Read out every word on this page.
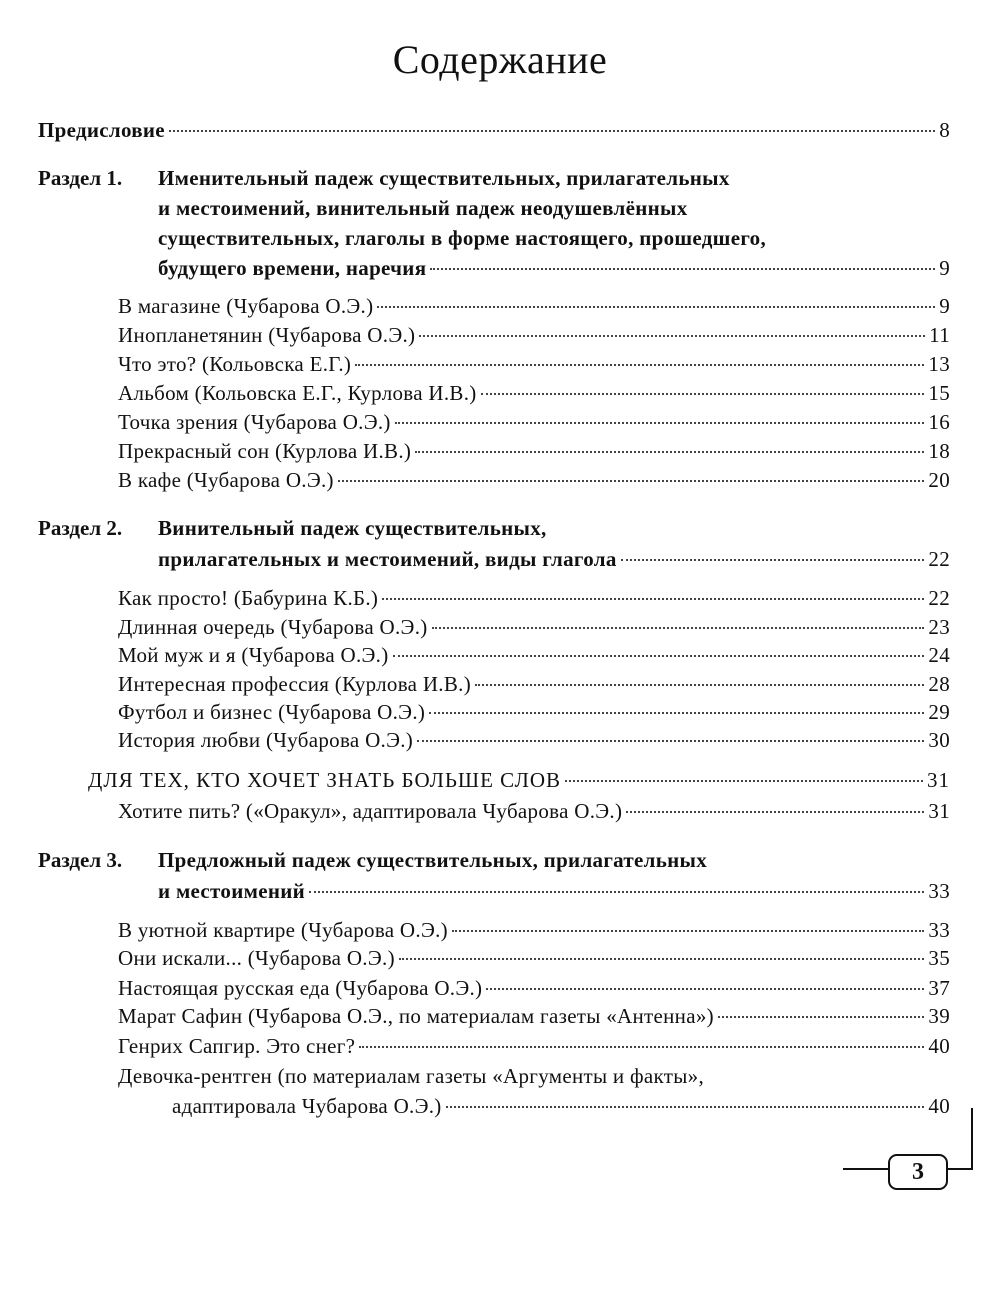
Содержание
Предисловие	8
Раздел 1. Именительный падеж существительных, прилагательных
и местоимений, винительный падеж неодушевлённых
существительных, глаголы в форме настоящего, прошедшего,
будущего времени, наречия	9
В магазине (Чубарова О.Э.)	9
Инопланетянин (Чубарова О.Э.)	11
Что это? (Кольовска Е.Г.)	13
Альбом (Кольовска Е.Г., Курлова И.В.)	15
Точка зрения (Чубарова О.Э.)	16
Прекрасный сон (Курлова И.В.)	18
В кафе (Чубарова О.Э.)	20
Раздел 2. Винительный падеж существительных,
прилагательных и местоимений, виды глагола	22
Как просто! (Бабурина К.Б.)	22
Длинная очередь (Чубарова О.Э.)	23
Мой муж и я (Чубарова О.Э.)	24
Интересная профессия (Курлова И.В.)	28
Футбол и бизнес (Чубарова О.Э.)	29
История любви (Чубарова О.Э.)	30
ДЛЯ ТЕХ, КТО ХОЧЕТ ЗНАТЬ БОЛЬШЕ СЛОВ	31
Хотите пить? («Оракул», адаптировала Чубарова О.Э.)	31
Раздел 3. Предложный падеж существительных, прилагательных
и местоимений	33
В уютной квартире (Чубарова О.Э.)	33
Они искали... (Чубарова О.Э.)	35
Настоящая русская еда (Чубарова О.Э.)	37
Марат Сафин (Чубарова О.Э., по материалам газеты «Антенна»)	39
Генрих Сапгир. Это снег?	40
Девочка-рентген (по материалам газеты «Аргументы и факты»,
адаптировала Чубарова О.Э.)	40
3
